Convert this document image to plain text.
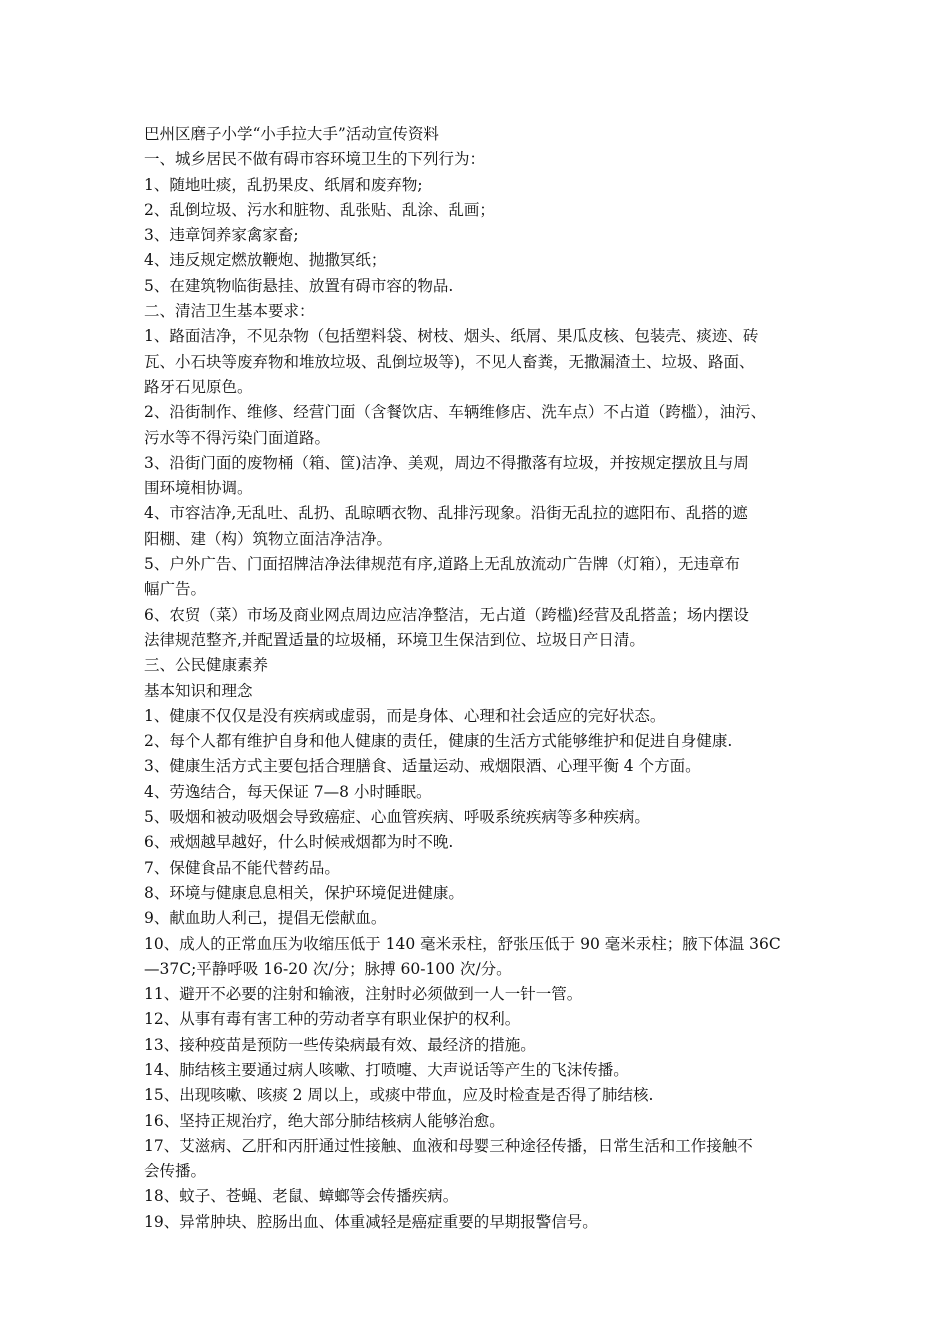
巴州区磨子小学“小手拉大手”活动宣传资料
一、城乡居民不做有碍市容环境卫生的下列行为：
1、随地吐痰，乱扔果皮、纸屑和废弃物;
2、乱倒垃圾、污水和脏物、乱张贴、乱涂、乱画；
3、违章饲养家禽家畜;
4、违反规定燃放鞭炮、抛撒冥纸；
5、在建筑物临街悬挂、放置有碍市容的物品.
二、清洁卫生基本要求：
1、路面洁净，不见杂物（包括塑料袋、树枝、烟头、纸屑、果瓜皮核、包装壳、痰迹、砖
瓦、小石块等废弃物和堆放垃圾、乱倒垃圾等)，不见人畜粪，无撒漏渣土、垃圾、路面、
路牙石见原色。
2、沿街制作、维修、经营门面（含餐饮店、车辆维修店、洗车点）不占道（跨槛），油污、
污水等不得污染门面道路。
3、沿街门面的废物桶（箱、筐)洁净、美观，周边不得撒落有垃圾，并按规定摆放且与周
围环境相协调。
4、市容洁净,无乱吐、乱扔、乱晾晒衣物、乱排污现象。沿街无乱拉的遮阳布、乱搭的遮
阳棚、建（构）筑物立面洁净洁净。
5、户外广告、门面招牌洁净法律规范有序,道路上无乱放流动广告牌（灯箱），无违章布
幅广告。
6、农贸（菜）市场及商业网点周边应洁净整洁，无占道（跨槛)经营及乱搭盖；场内摆设
法律规范整齐,并配置适量的垃圾桶，环境卫生保洁到位、垃圾日产日清。
三、公民健康素养
基本知识和理念
1、健康不仅仅是没有疾病或虚弱，而是身体、心理和社会适应的完好状态。
2、每个人都有维护自身和他人健康的责任，健康的生活方式能够维护和促进自身健康.
3、健康生活方式主要包括合理膳食、适量运动、戒烟限酒、心理平衡 4 个方面。
4、劳逸结合，每天保证 7—8 小时睡眠。
5、吸烟和被动吸烟会导致癌症、心血管疾病、呼吸系统疾病等多种疾病。
6、戒烟越早越好，什么时候戒烟都为时不晚.
7、保健食品不能代替药品。
8、环境与健康息息相关，保护环境促进健康。
9、献血助人利己，提倡无偿献血。
10、成人的正常血压为收缩压低于 140 毫米汞柱，舒张压低于 90 毫米汞柱；腋下体温 36C
—37C;平静呼吸 16-20 次/分；脉搏 60-100 次/分。
11、避开不必要的注射和输液，注射时必须做到一人一针一管。
12、从事有毒有害工种的劳动者享有职业保护的权利。
13、接种疫苗是预防一些传染病最有效、最经济的措施。
14、肺结核主要通过病人咳嗽、打喷嚏、大声说话等产生的飞沫传播。
15、出现咳嗽、咳痰 2 周以上，或痰中带血，应及时检查是否得了肺结核.
16、坚持正规治疗，绝大部分肺结核病人能够治愈。
17、艾滋病、乙肝和丙肝通过性接触、血液和母婴三种途径传播，日常生活和工作接触不
会传播。
18、蚊子、苍蝇、老鼠、蟑螂等会传播疾病。
19、异常肿块、腔肠出血、体重减轻是癌症重要的早期报警信号。
